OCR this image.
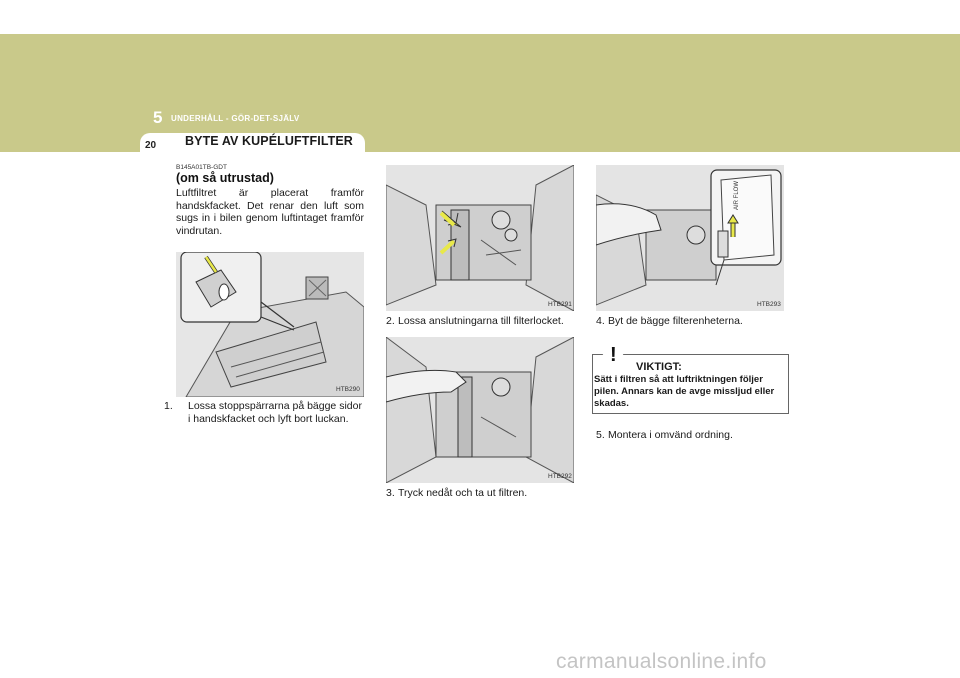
5 UNDERHÅLL - GÖR-DET-SJÄLV
20 BYTE AV KUPÉLUFTFILTER
B145A01TB-GDT
(om så utrustad)
Luftfiltret är placerat framför handskfacket. Det renar den luft som sugs in i bilen genom luftintaget framför vindrutan.
HTB290
1. Lossa stoppspärrarna på bägge sidor i handskfacket och lyft bort luckan.
HTB291
2. Lossa anslutningarna till filterlocket.
HTB292
3. Tryck nedåt och ta ut filtren.
AIR FLOW
HTB293
4. Byt de bägge filterenheterna.
!
VIKTIGT:
Sätt i filtren så att luftriktningen följer pilen. Annars kan de avge missljud eller skadas.
5. Montera i omvänd ordning.
carmanualsonline.info
